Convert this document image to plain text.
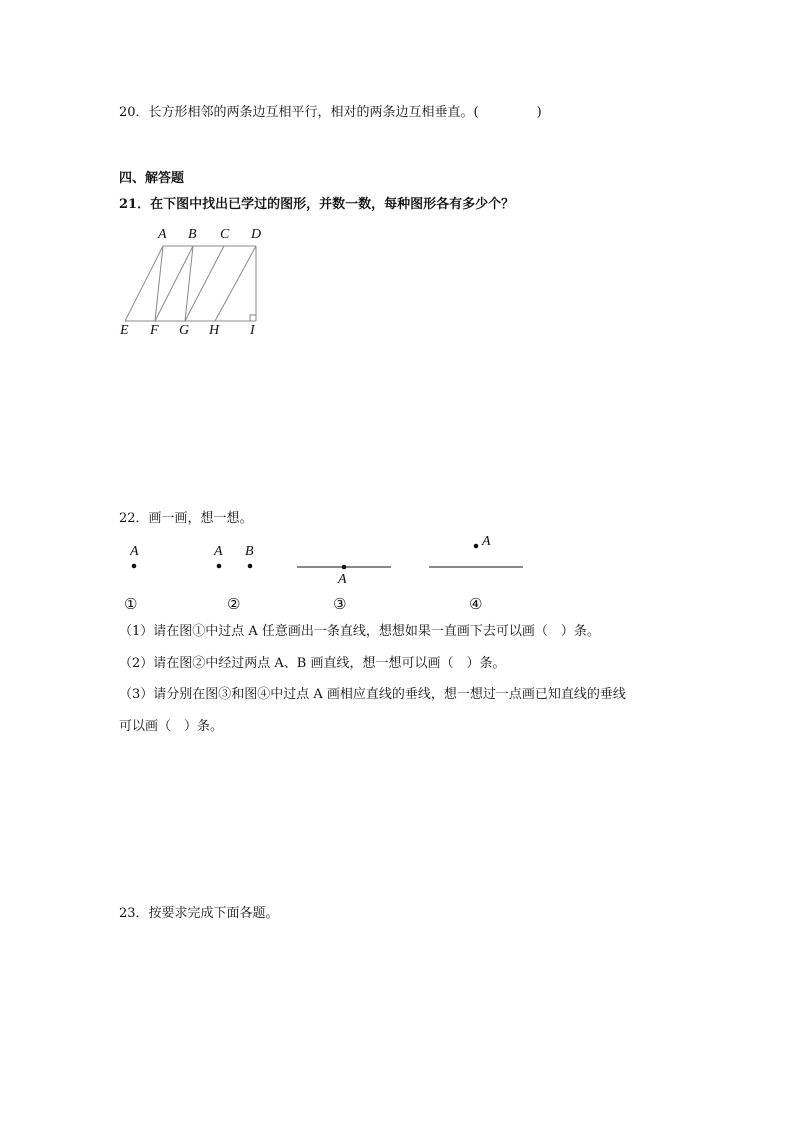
20．长方形相邻的两条边互相平行，相对的两条边互相垂直。(	)
四、解答题
21．在下图中找出已学过的图形，并数一数，每种图形各有多少个？
A B C D
E F G H I
22．画一画，想一想。
A	A B
A
A
①	②	③	④
（1）请在图①中过点 A 任意画出一条直线，想想如果一直画下去可以画（　）条。
（2）请在图②中经过两点 A、B 画直线，想一想可以画（　）条。
（3）请分别在图③和图④中过点 A 画相应直线的垂线，想一想过一点画已知直线的垂线
可以画（　）条。
23．按要求完成下面各题。
